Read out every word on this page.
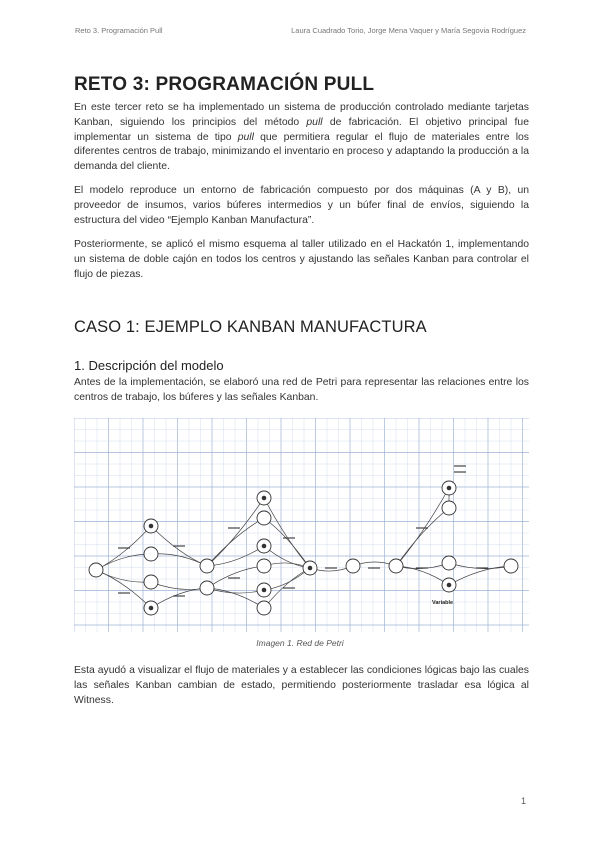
Reto 3. Programación Pull	Laura Cuadrado Torio, Jorge Mena Vaquer y María Segovia Rodríguez
RETO 3: PROGRAMACIÓN PULL

En este tercer reto se ha implementado un sistema de producción controlado mediante tarjetas Kanban, siguiendo los principios del método pull de fabricación. El objetivo principal fue implementar un sistema de tipo pull que permitiera regular el flujo de materiales entre los diferentes centros de trabajo, minimizando el inventario en proceso y adaptando la producción a la demanda del cliente.

El modelo reproduce un entorno de fabricación compuesto por dos máquinas (A y B), un proveedor de insumos, varios búferes intermedios y un búfer final de envíos, siguiendo la estructura del video “Ejemplo Kanban Manufactura”.

Posteriormente, se aplicó el mismo esquema al taller utilizado en el Hackatón 1, implementando un sistema de doble cajón en todos los centros y ajustando las señales Kanban para controlar el flujo de piezas.

CASO 1: EJEMPLO KANBAN MANUFACTURA
1. Descripción del modelo

Antes de la implementación, se elaboró una red de Petri para representar las relaciones entre los centros de trabajo, los búferes y las señales Kanban.

Variable
Imagen 1. Red de Petri

Esta ayudó a visualizar el flujo de materiales y a establecer las condiciones lógicas bajo las cuales las señales Kanban cambian de estado, permitiendo posteriormente trasladar esa lógica al Witness.

1
